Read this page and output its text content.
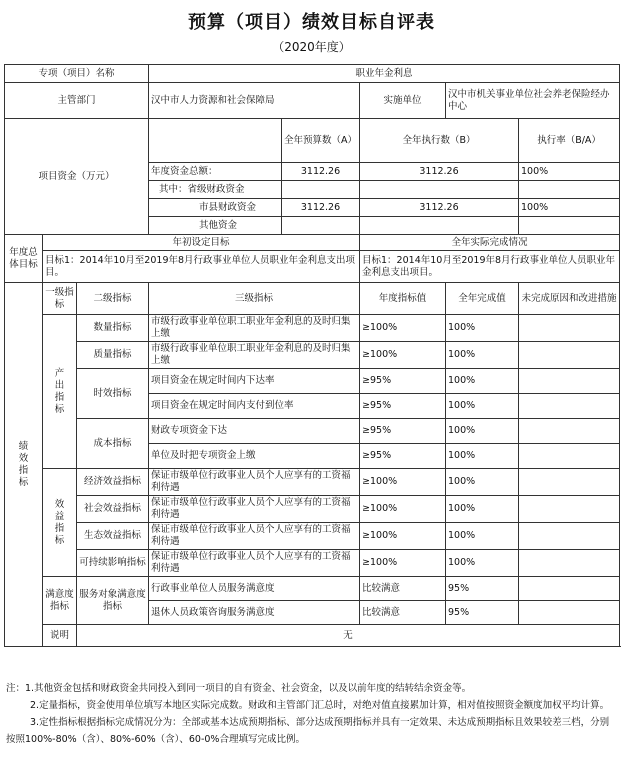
预算（项目）绩效目标自评表
（2020年度）
专项（项目）名称			职业年金利息				
主管部门			汉中市人力资源和社会保障局		实施单位	汉中市机关事业单位社会养老保险经办中心	
项目资金（万元）				全年预算数（A）	全年执行数（B）		执行率（B/A）
			年度资金总额：	3112.26	3112.26		100%
			其中：省级财政资金				
			市县财政资金	3112.26	3112.26		100%
			其他资金				
年度总体目标	年初设定目标				全年实际完成情况		
	目标1：2014年10月至2019年8月行政事业单位人员职业年金利息支出项目。				目标1：2014年10月至2019年8月行政事业单位人员职业年金利息支出项目。		
绩效指标	一级指标	二级指标	三级指标		年度指标值	全年完成值	未完成原因和改进措施
	产出指标	数量指标	市级行政事业单位职工职业年金利息的及时归集上缴		≥100%	100%	
		质量指标	市级行政事业单位职工职业年金利息的及时归集上缴		≥100%	100%	
		时效指标	项目资金在规定时间内下达率		≥95%	100%	
			项目资金在规定时间内支付到位率		≥95%	100%	
		成本指标	财政专项资金下达		≥95%	100%	
			单位及时把专项资金上缴		≥95%	100%	
	效益指标	经济效益指标	保证市级单位行政事业人员个人应享有的工资福利待遇		≥100%	100%	
		社会效益指标	保证市级单位行政事业人员个人应享有的工资福利待遇		≥100%	100%	
		生态效益指标	保证市级单位行政事业人员个人应享有的工资福利待遇		≥100%	100%	
		可持续影响指标	保证市级单位行政事业人员个人应享有的工资福利待遇		≥100%	100%	
	满意度指标	服务对象满意度指标	行政事业单位人员服务满意度		比较满意	95%	
			退休人员政策咨询服务满意度		比较满意	95%	
	说明	无					

注：1.其他资金包括和财政资金共同投入到同一项目的自有资金、社会资金，以及以前年度的结转结余资金等。

2.定量指标，资金使用单位填写本地区实际完成数。财政和主管部门汇总时，对绝对值直接累加计算，相对值按照资金额度加权平均计算。

3.定性指标根据指标完成情况分为：全部或基本达成预期指标、部分达成预期指标并具有一定效果、未达成预期指标且效果较差三档，分别按照100%-80%（含）、80%-60%（含）、60-0%合理填写完成比例。
